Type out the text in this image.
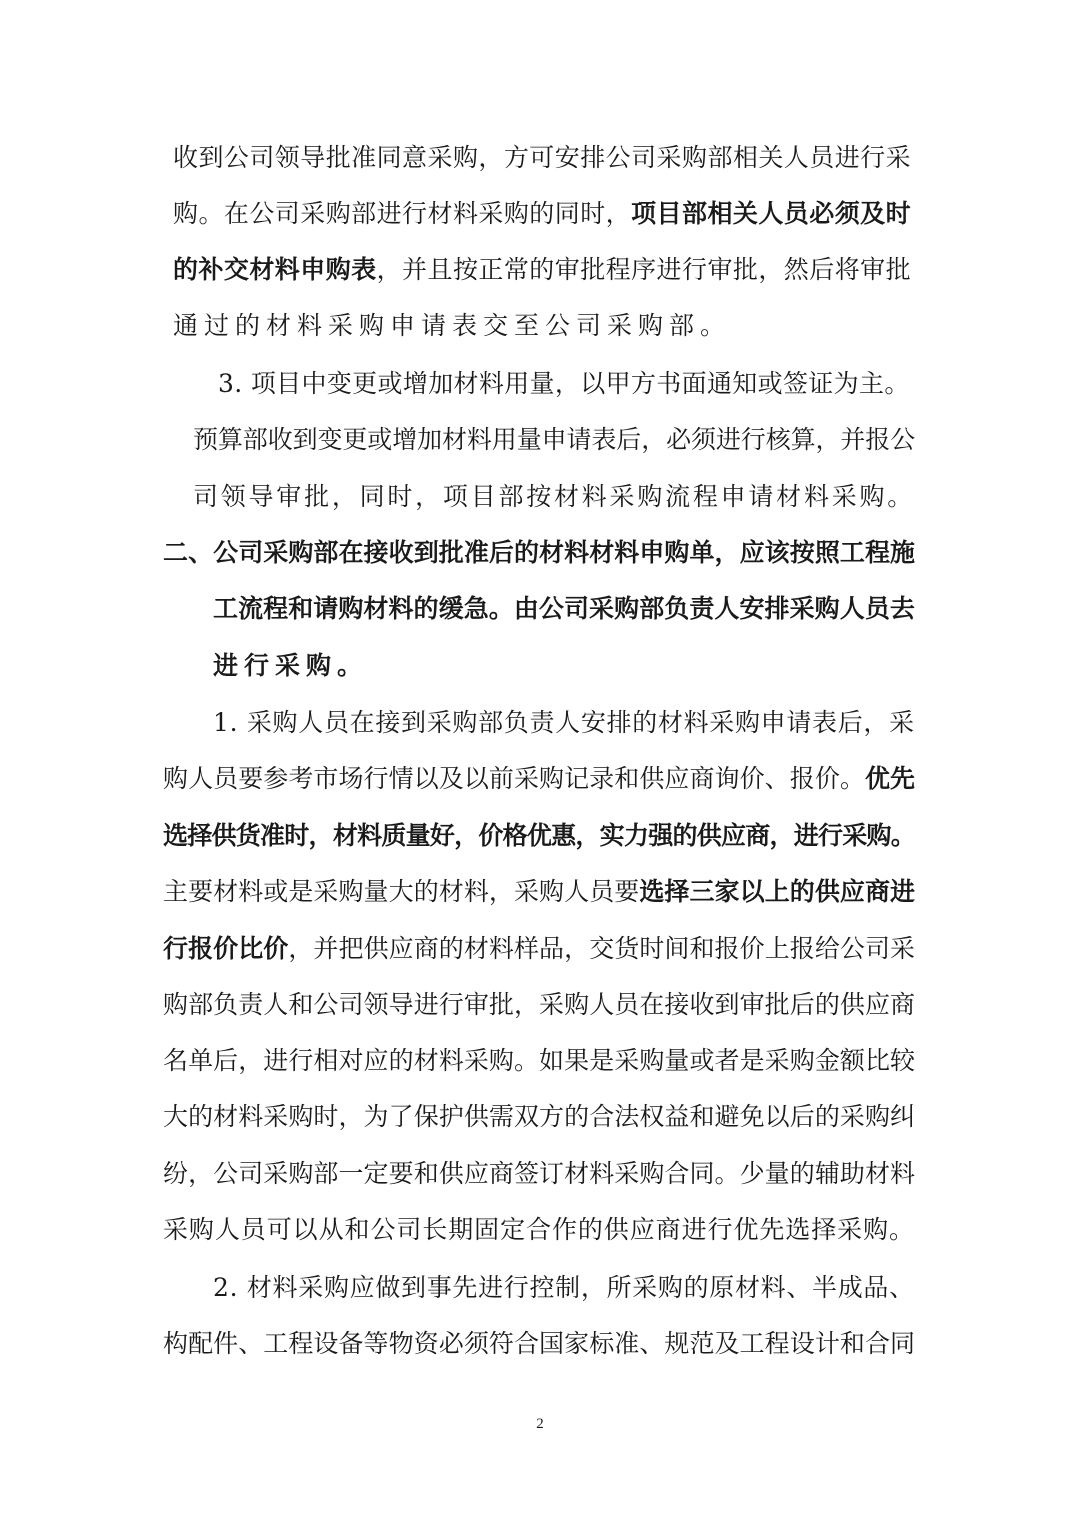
收到公司领导批准同意采购，方可安排公司采购部相关人员进行采
购。在公司采购部进行材料采购的同时，项目部相关人员必须及时
的补交材料申购表，并且按正常的审批程序进行审批，然后将审批
通过的材料采购申请表交至公司采购部。
3. 项目中变更或增加材料用量，以甲方书面通知或签证为主。
预算部收到变更或增加材料用量申请表后，必须进行核算，并报公
司领导审批，同时，项目部按材料采购流程申请材料采购。
二、公司采购部在接收到批准后的材料材料申购单，应该按照工程施
工流程和请购材料的缓急。由公司采购部负责人安排采购人员去
进行采购。
1. 采购人员在接到采购部负责人安排的材料采购申请表后，采
购人员要参考市场行情以及以前采购记录和供应商询价、报价。优先
选择供货准时，材料质量好，价格优惠，实力强的供应商，进行采购。
主要材料或是采购量大的材料，采购人员要选择三家以上的供应商进
行报价比价，并把供应商的材料样品，交货时间和报价上报给公司采
购部负责人和公司领导进行审批，采购人员在接收到审批后的供应商
名单后，进行相对应的材料采购。如果是采购量或者是采购金额比较
大的材料采购时，为了保护供需双方的合法权益和避免以后的采购纠
纷，公司采购部一定要和供应商签订材料采购合同。少量的辅助材料
采购人员可以从和公司长期固定合作的供应商进行优先选择采购。
2. 材料采购应做到事先进行控制，所采购的原材料、半成品、
构配件、工程设备等物资必须符合国家标准、规范及工程设计和合同
2
